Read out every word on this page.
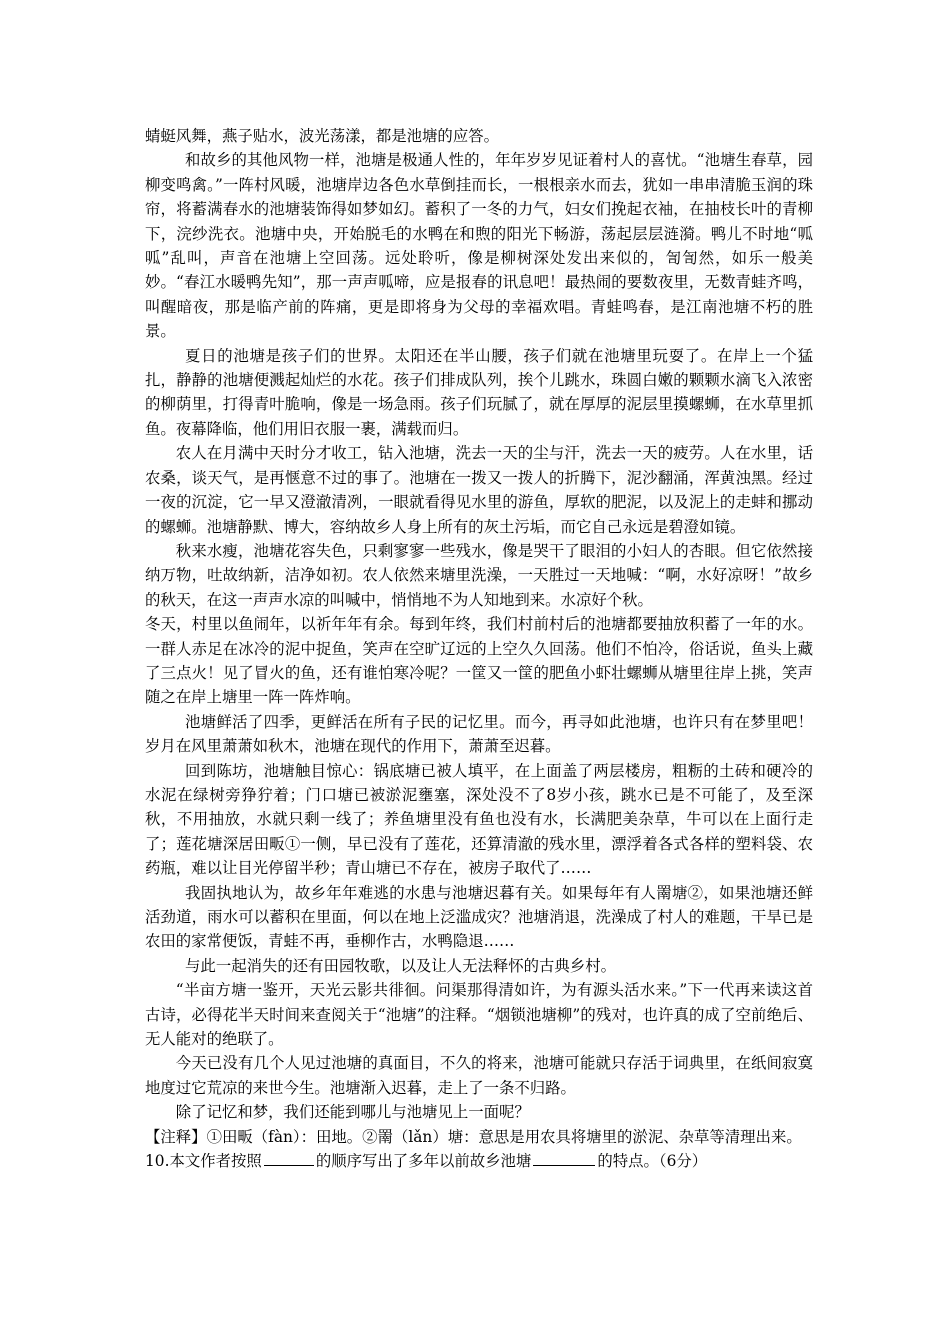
蜻蜓风舞，燕子贴水，波光荡漾，都是池塘的应答。

和故乡的其他风物一样，池塘是极通人性的，年年岁岁见证着村人的喜忧。“池塘生春草，园柳变鸣禽。”一阵村风暖，池塘岸边各色水草倒挂而长，一根根亲水而去，犹如一串串清脆玉润的珠帘，将蓄满春水的池塘装饰得如梦如幻。蓄积了一冬的力气，妇女们挽起衣袖，在抽枝长叶的青柳下，浣纱洗衣。池塘中央，开始脱毛的水鸭在和煦的阳光下畅游，荡起层层涟漪。鸭儿不时地“呱呱”乱叫，声音在池塘上空回荡。远处聆听，像是柳树深处发出来似的，訇訇然，如乐一般美妙。“春江水暖鸭先知”，那一声声呱啼，应是报春的讯息吧！最热闹的要数夜里，无数青蛙齐鸣，叫醒暗夜，那是临产前的阵痛，更是即将身为父母的幸福欢唱。青蛙鸣春，是江南池塘不朽的胜景。

夏日的池塘是孩子们的世界。太阳还在半山腰，孩子们就在池塘里玩耍了。在岸上一个猛扎，静静的池塘便溅起灿烂的水花。孩子们排成队列，挨个儿跳水，珠圆白嫩的颗颗水滴飞入浓密的柳荫里，打得青叶脆响，像是一场急雨。孩子们玩腻了，就在厚厚的泥层里摸螺蛳，在水草里抓鱼。夜幕降临，他们用旧衣服一裹，满载而归。

农人在月满中天时分才收工，钻入池塘，洗去一天的尘与汗，洗去一天的疲劳。人在水里，话农桑，谈天气，是再惬意不过的事了。池塘在一拨又一拨人的折腾下，泥沙翻涌，浑黄浊黑。经过一夜的沉淀，它一早又澄澈清冽，一眼就看得见水里的游鱼，厚软的肥泥，以及泥上的走蚌和挪动的螺蛳。池塘静默、博大，容纳故乡人身上所有的灰土污垢，而它自己永远是碧澄如镜。

秋来水瘦，池塘花容失色，只剩寥寥一些残水，像是哭干了眼泪的小妇人的杏眼。但它依然接纳万物，吐故纳新，洁净如初。农人依然来塘里洗澡，一天胜过一天地喊：“啊，水好凉呀！”故乡的秋天，在这一声声水凉的叫喊中，悄悄地不为人知地到来。水凉好个秋。

冬天，村里以鱼闹年，以祈年年有余。每到年终，我们村前村后的池塘都要抽放积蓄了一年的水。一群人赤足在冰冷的泥中捉鱼，笑声在空旷辽远的上空久久回荡。他们不怕冷，俗话说，鱼头上藏了三点火！见了冒火的鱼，还有谁怕寒冷呢？一筐又一筐的肥鱼小虾壮螺蛳从塘里往岸上挑，笑声随之在岸上塘里一阵一阵炸响。

池塘鲜活了四季，更鲜活在所有子民的记忆里。而今，再寻如此池塘，也许只有在梦里吧！岁月在风里萧萧如秋木，池塘在现代的作用下，萧萧至迟暮。

回到陈坊，池塘触目惊心：锅底塘已被人填平，在上面盖了两层楼房，粗粝的土砖和硬冷的水泥在绿树旁狰狞着；门口塘已被淤泥壅塞，深处没不了8岁小孩，跳水已是不可能了，及至深秋，不用抽放，水就只剩一线了；养鱼塘里没有鱼也没有水，长满肥美杂草，牛可以在上面行走了；莲花塘深居田畈①一侧，早已没有了莲花，还算清澈的残水里，漂浮着各式各样的塑料袋、农药瓶，难以让目光停留半秒；青山塘已不存在，被房子取代了……

我固执地认为，故乡年年难逃的水患与池塘迟暮有关。如果每年有人罱塘②，如果池塘还鲜活劲道，雨水可以蓄积在里面，何以在地上泛滥成灾？池塘消退，洗澡成了村人的难题，干旱已是农田的家常便饭，青蛙不再，垂柳作古，水鸭隐退……

与此一起消失的还有田园牧歌，以及让人无法释怀的古典乡村。

“半亩方塘一鉴开，天光云影共徘徊。问渠那得清如许，为有源头活水来。”下一代再来读这首古诗，必得花半天时间来查阅关于“池塘”的注释。“烟锁池塘柳”的残对，也许真的成了空前绝后、无人能对的绝联了。

今天已没有几个人见过池塘的真面目，不久的将来，池塘可能就只存活于词典里，在纸间寂寞地度过它荒凉的来世今生。池塘渐入迟暮，走上了一条不归路。

除了记忆和梦，我们还能到哪儿与池塘见上一面呢？

【注释】①田畈（fàn）：田地。②罱（lǎn）塘：意思是用农具将塘里的淤泥、杂草等清理出来。

10.本文作者按照	的顺序写出了多年以前故乡池塘	的特点。（6分）
